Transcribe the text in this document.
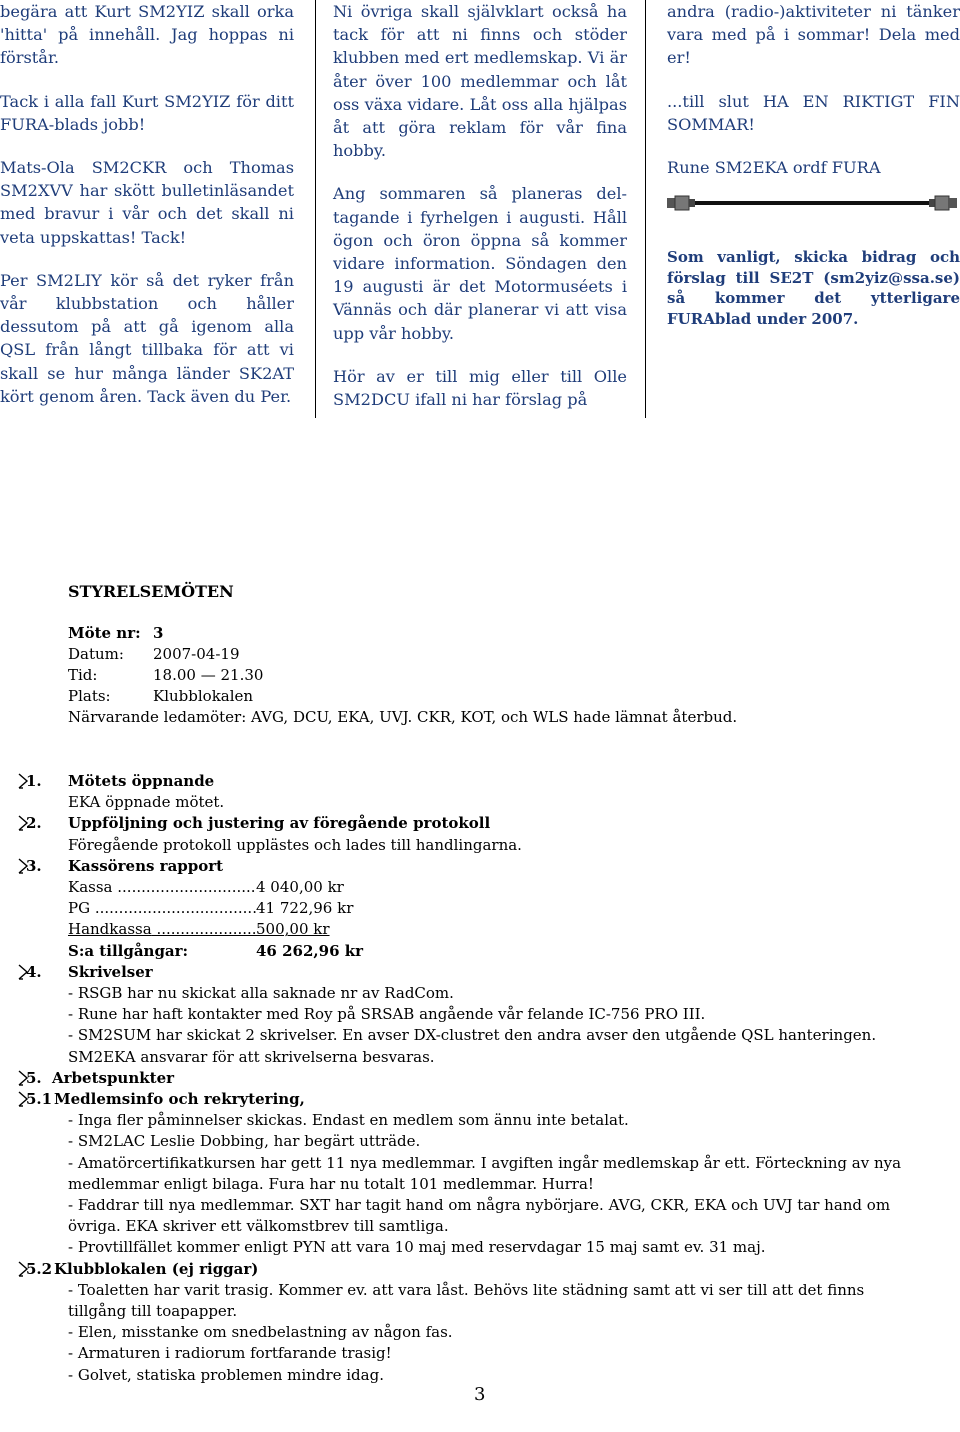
begära att Kurt SM2YIZ skall orka 'hitta' på innehåll. Jag hoppas ni förstår.

Tack i alla fall Kurt SM2YIZ för ditt FURA-blads jobb!

Mats-Ola SM2CKR och Thomas SM2XVV har skött bulletinläsandet med bravur i vår och det skall ni veta uppskattas! Tack!

Per SM2LIY kör så det ryker från vår klubbstation och håller dessutom på att gå igenom alla QSL från långt tillbaka för att vi skall se hur många länder SK2AT kört genom åren. Tack även du Per.

Ni övriga skall självklart också ha tack för att ni finns och stöder klubben med ert medlemskap. Vi är åter över 100 medlemmar och låt oss växa vidare. Låt oss alla hjälpas åt att göra reklam för vår fina hobby.

Ang sommaren så planeras del-tagande i fyrhelgen i augusti. Håll ögon och öron öppna så kommer vidare information. Söndagen den 19 augusti är det Motormuséets i Vännäs och där planerar vi att visa upp vår hobby.

Hör av er till mig eller till Olle SM2DCU ifall ni har förslag på

andra (radio-)aktiviteter ni tänker vara med på i sommar! Dela med er!

...till slut HA EN RIKTIGT FIN SOMMAR!

Rune SM2EKA ordf FURA

Som vanligt, skicka bidrag och förslag till SE2T (sm2yiz@ssa.se) så kommer det ytterligare FURAblad under 2007.

STYRELSEMÖTEN
Möte nr: 3
Datum:	2007-04-19
Tid:	18.00 — 21.30
Plats:	Klubblokalen
Närvarande ledamöter: AVG, DCU, EKA, UVJ. CKR, KOT, och WLS hade lämnat återbud.
1. Mötets öppnande
EKA öppnade mötet.
2. Uppföljning och justering av föregående protokoll
Föregående protokoll upplästes och lades till handlingarna.
3. Kassörens rapport
Kassa .....	4 040,00 kr
PG .....	41 722,96 kr
Handkassa .....	500,00 kr
S:a tillgångar:	46 262,96 kr
4. Skrivelser
- RSGB har nu skickat alla saknade nr av RadCom.
- Rune har haft kontakter med Roy på SRSAB angående vår felande IC-756 PRO III.
- SM2SUM har skickat 2 skrivelser. En avser DX-clustret den andra avser den utgående QSL hanteringen. SM2EKA ansvarar för att skrivelserna besvaras.
5. Arbetspunkter
5.1 Medlemsinfo och rekrytering,
- Inga fler påminnelser skickas. Endast en medlem som ännu inte betalat.
- SM2LAC Leslie Dobbing, har begärt utträde.
- Amatörcertifikatkursen har gett 11 nya medlemmar. I avgiften ingår medlemskap år ett. Förteckning av nya medlemmar enligt bilaga. Fura har nu totalt 101 medlemmar. Hurra!
- Faddrar till nya medlemmar. SXT har tagit hand om några nybörjare. AVG, CKR, EKA och UVJ tar hand om övriga. EKA skriver ett välkomstbrev till samtliga.
- Provtillfället kommer enligt PYN att vara 10 maj med reservdagar 15 maj samt ev. 31 maj.
5.2 Klubblokalen (ej riggar)
- Toaletten har varit trasig. Kommer ev. att vara låst. Behövs lite städning samt att vi ser till att det finns tillgång till toapapper.
- Elen, misstanke om snedbelastning av någon fas.
- Armaturen i radiorum fortfarande trasig!
- Golvet, statiska problemen mindre idag.
3
